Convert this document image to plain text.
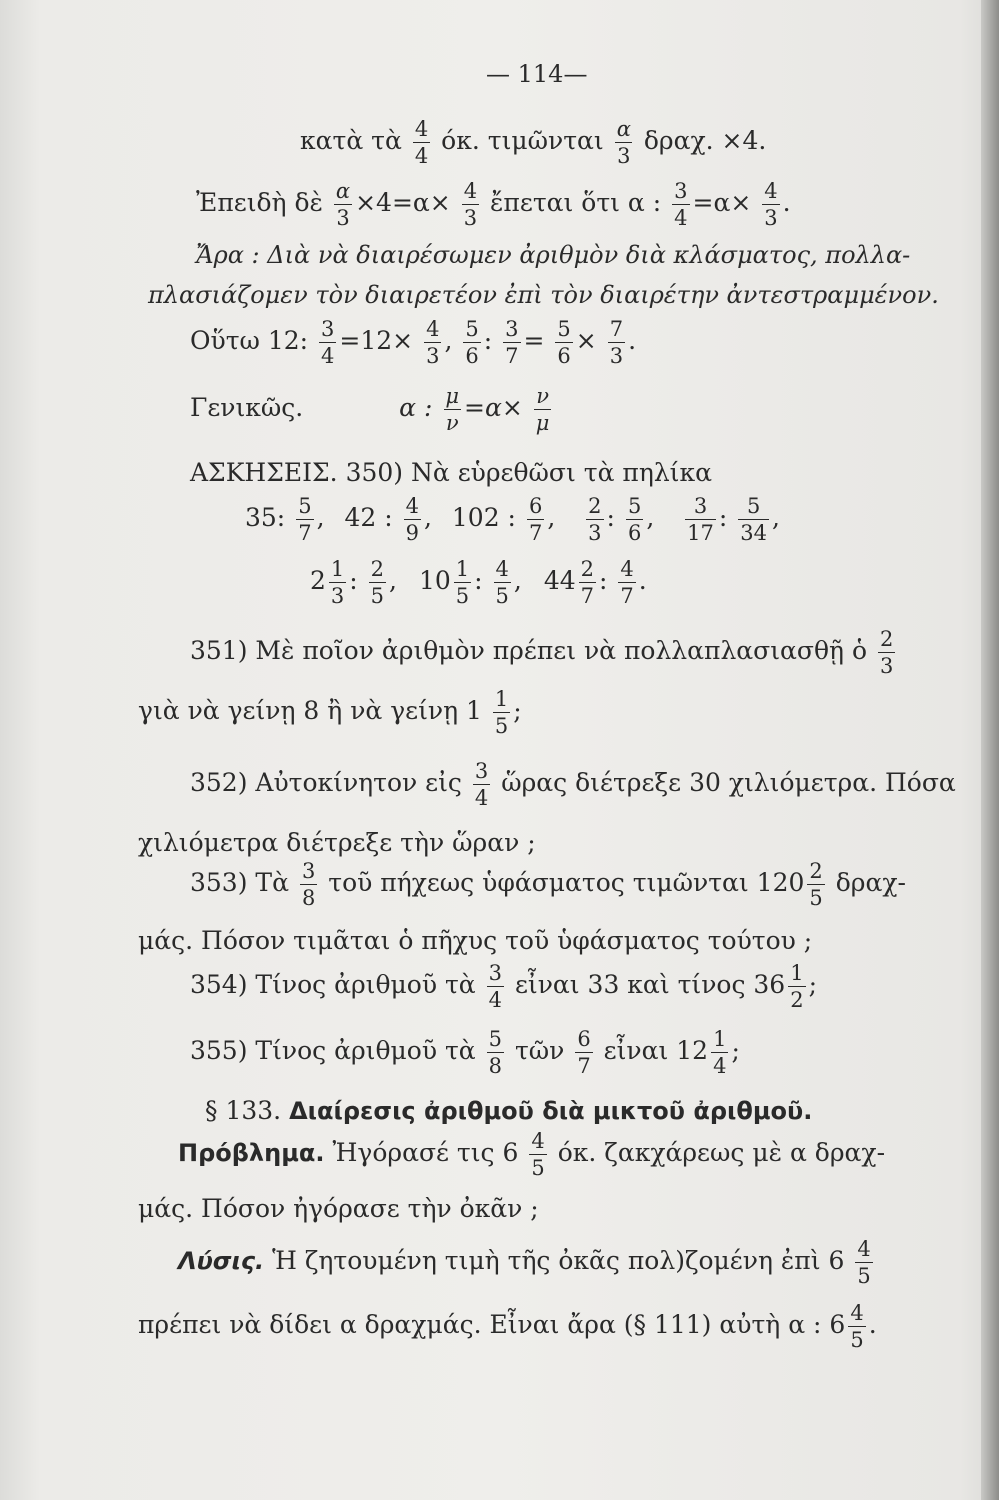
— 114—
κατὰ τὰ $\frac{4}{4} ό\kappa$. τιμῶνται $\frac{\alpha}{3} \delta\rho\alpha\chi$. ×4.
Ἐπειδὴ δὲ $\frac{\alpha}{3} \times 4=\alpha\times \frac{4}{3}$ ἔπεται ὅτι α : $\frac{3}{4} =\alpha\times \frac{4}{3}$ .
Ἄρα : Διὰ νὰ διαιρέσωμεν ἀριθμὸν διὰ κλάσματος, πολλα-
πλασιάζομεν τὸν διαιρετέον ἐπὶ τὸν διαιρέτην ἀντεστραμμένον.
Οὕτω 12: $\frac{3}{4} =12\times \frac{4}{3}$ , $\frac{5}{6}$ : $\frac{3}{7} = \frac{5}{6} \times \frac{7}{3}$ .
Γενικῶς.	α : $\frac{\mu}{\nu} =\alpha\times \frac{\nu}{\mu}$
ΑΣΚΗΣΕΙΣ. 350) Νὰ εὑρεθῶσι τὰ πηλίκα
35: $\frac{5}{7}$ , 42 : $\frac{4}{9}$ , 102 : $\frac{6}{7}$ , $\frac{2}{3}$ : $\frac{5}{6}$ , $\frac{3}{17}$ : $\frac{5}{34}$ ,
$2 \frac{1}{3}$ : $\frac{2}{5}$ , $10 \frac{1}{5}$ : $\frac{4}{5}$ , $44 \frac{2}{7}$ : $\frac{4}{7}$ .
351) Μὲ ποῖον ἀριθμὸν πρέπει νὰ πολλαπλασιασθῇ ὁ $\frac{2}{3}$
γιὰ νὰ γείνῃ 8 ἢ νὰ γείνῃ $1 \frac{1}{5}$ ;
352) Αὐτοκίνητον εἰς $\frac{3}{4}$ ὥρας διέτρεξε 30 χιλιόμετρα. Πόσα
χιλιόμετρα διέτρεξε τὴν ὥραν ;
353) Τὰ $\frac{3}{8}$ τοῦ πήχεως ὑφάσματος τιμῶνται $120 \frac{2}{5} \delta\rho\alpha\chi-$
μάς. Πόσον τιμᾶται ὁ πῆχυς τοῦ ὑφάσματος τούτου ;
354) Τίνος ἀριθμοῦ τὰ $\frac{3}{4}$ εἶναι 33 καὶ τίνος $36 \frac{1}{2}$ ;
355) Τίνος ἀριθμοῦ τὰ $\frac{5}{8}$ τῶν $\frac{6}{7}$ εἶναι $12 \frac{1}{4}$ ;
§ 133. Διαίρεσις ἀριθμοῦ διὰ μικτοῦ ἀριθμοῦ.
Πρόβλημα. Ἠγόρασέ τις $6 \frac{4}{5} ό\kappa$. ζακχάρεως μὲ α δραχ-
μάς. Πόσον ἠγόρασε τὴν ὀκᾶν ;
Λύσις. Ἡ ζητουμένη τιμὴ τῆς ὀκᾶς πολ)ζομένη ἐπὶ $6 \frac{4}{5}$
πρέπει νὰ δίδει α δραχμάς. Εἶναι ἄρα (§ 111) αὐτὴ α : $6 \frac{4}{5}$ .
